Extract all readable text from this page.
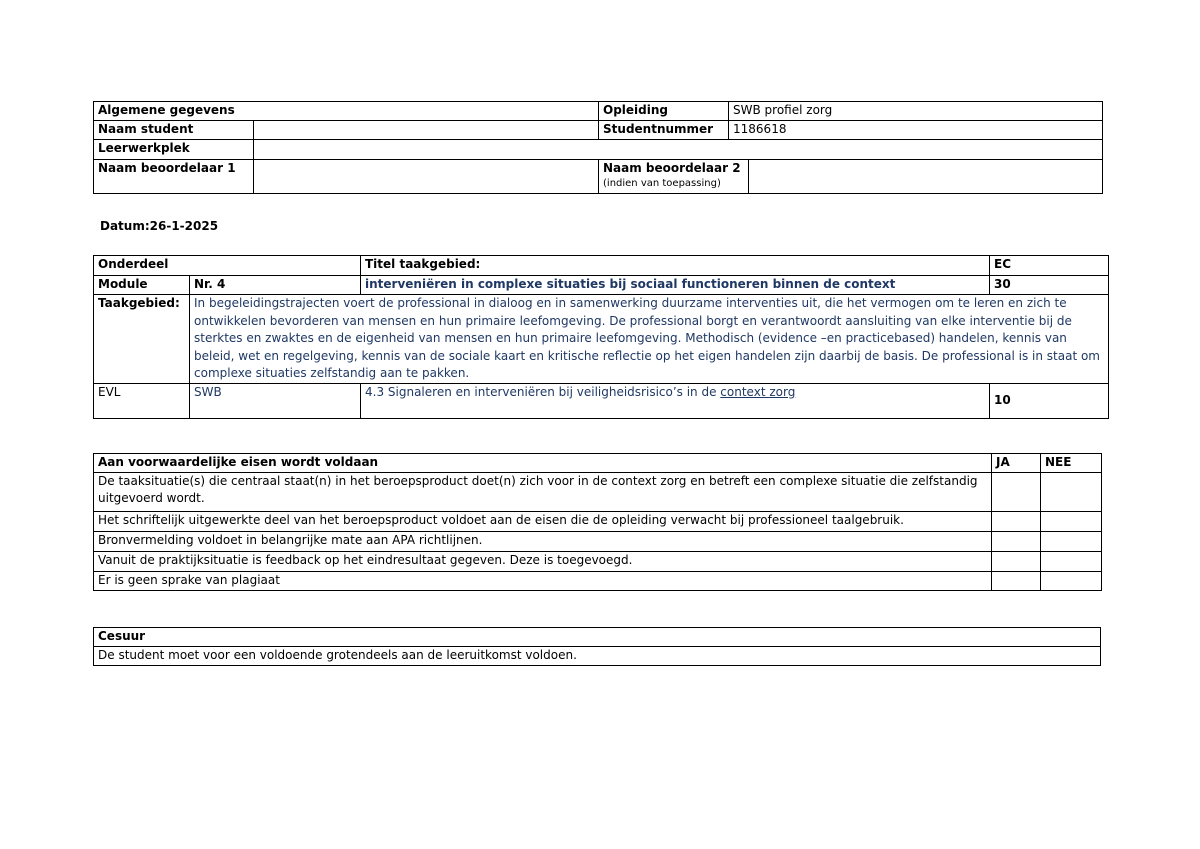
Algemene gegevens		Opleiding	SWB profiel zorg	
Naam student		Studentnummer	1186618	
Leerwerkplek				
Naam beoordelaar 1		Naam beoordelaar 2
(indien van toepassing)		

Datum:26-1-2025
Onderdeel		Titel taakgebied:	EC
Module	Nr. 4	interveniëren in complexe situaties bij sociaal functioneren binnen de context	30
Taakgebied:	In begeleidingstrajecten voert de professional in dialoog en in samenwerking duurzame interventies uit, die het vermogen om te leren en zich te ontwikkelen bevorderen van mensen en hun primaire leefomgeving. De professional borgt en verantwoordt aansluiting van elke interventie bij de sterktes en zwaktes en de eigenheid van mensen en hun primaire leefomgeving. Methodisch (evidence –en practicebased) handelen, kennis van beleid, wet en regelgeving, kennis van de sociale kaart en kritische reflectie op het eigen handelen zijn daarbij de basis. De professional is in staat om complexe situaties zelfstandig aan te pakken.		
EVL	SWB	4.3 Signaleren en interveniëren bij veiligheidsrisico’s in de context zorg	10
Aan voorwaardelijke eisen wordt voldaan	JA	NEE
De taaksituatie(s) die centraal staat(n) in het beroepsproduct doet(n) zich voor in de context zorg en betreft een complexe situatie die zelfstandig uitgevoerd wordt.		
Het schriftelijk uitgewerkte deel van het beroepsproduct voldoet aan de eisen die de opleiding verwacht bij professioneel taalgebruik.		
Bronvermelding voldoet in belangrijke mate aan APA richtlijnen.		
Vanuit de praktijksituatie is feedback op het eindresultaat gegeven. Deze is toegevoegd.		
Er is geen sprake van plagiaat		
Cesuur
De student moet voor een voldoende grotendeels aan de leeruitkomst voldoen.
